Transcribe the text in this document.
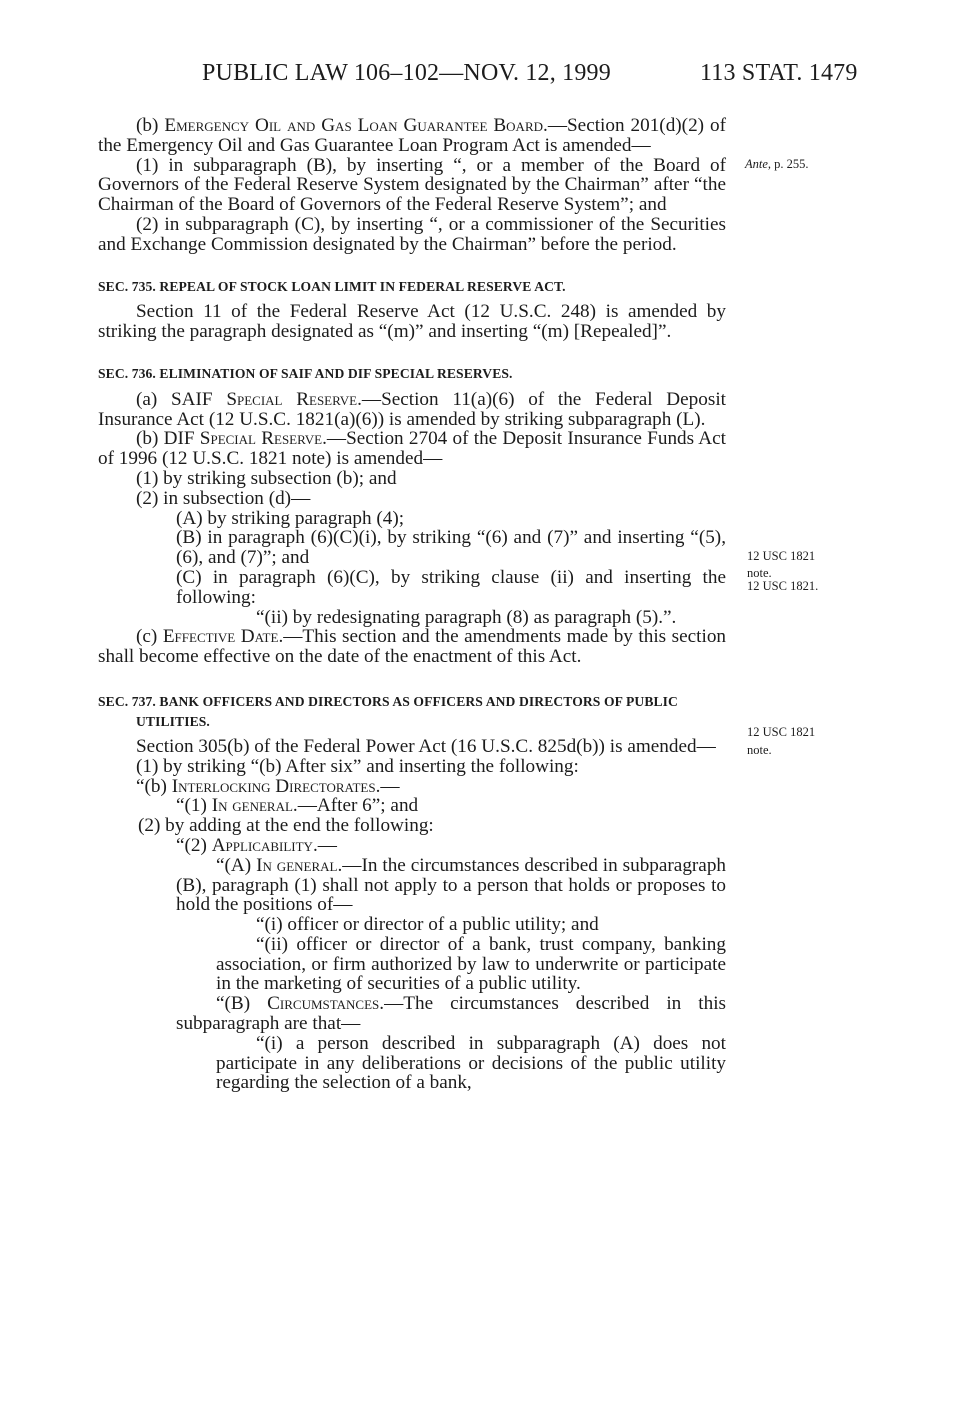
PUBLIC LAW 106–102—NOV. 12, 1999	113 STAT. 1479
Ante, p. 255.
12 USC 1821
note.
12 USC 1821.
12 USC 1821
note.

(b) Emergency Oil and Gas Loan Guarantee Board.—Section 201(d)(2) of the Emergency Oil and Gas Guarantee Loan Program Act is amended—

(1) in subparagraph (B), by inserting “, or a member of the Board of Governors of the Federal Reserve System designated by the Chairman” after “the Chairman of the Board of Governors of the Federal Reserve System”; and

(2) in subparagraph (C), by inserting “, or a commissioner of the Securities and Exchange Commission designated by the Chairman” before the period.

SEC. 735. REPEAL OF STOCK LOAN LIMIT IN FEDERAL RESERVE ACT.

Section 11 of the Federal Reserve Act (12 U.S.C. 248) is amended by striking the paragraph designated as “(m)” and inserting “(m) [Repealed]”.

SEC. 736. ELIMINATION OF SAIF AND DIF SPECIAL RESERVES.

(a) SAIF Special Reserve.—Section 11(a)(6) of the Federal Deposit Insurance Act (12 U.S.C. 1821(a)(6)) is amended by striking subparagraph (L).

(b) DIF Special Reserve.—Section 2704 of the Deposit Insurance Funds Act of 1996 (12 U.S.C. 1821 note) is amended—

(1) by striking subsection (b); and

(2) in subsection (d)—

(A) by striking paragraph (4);

(B) in paragraph (6)(C)(i), by striking “(6) and (7)” and inserting “(5), (6), and (7)”; and

(C) in paragraph (6)(C), by striking clause (ii) and inserting the following:

“(ii) by redesignating paragraph (8) as paragraph (5).”.

(c) Effective Date.—This section and the amendments made by this section shall become effective on the date of the enactment of this Act.

SEC. 737. BANK OFFICERS AND DIRECTORS AS OFFICERS AND DIRECTORS OF PUBLIC UTILITIES.

Section 305(b) of the Federal Power Act (16 U.S.C. 825d(b)) is amended—

(1) by striking “(b) After six” and inserting the following:

“(b) Interlocking Directorates.—

“(1) In general.—After 6”; and

(2) by adding at the end the following:

“(2) Applicability.—

“(A) In general.—In the circumstances described in subparagraph (B), paragraph (1) shall not apply to a person that holds or proposes to hold the positions of—

“(i) officer or director of a public utility; and

“(ii) officer or director of a bank, trust company, banking association, or firm authorized by law to underwrite or participate in the marketing of securities of a public utility.

“(B) Circumstances.—The circumstances described in this subparagraph are that—

“(i) a person described in subparagraph (A) does not participate in any deliberations or decisions of the public utility regarding the selection of a bank,
